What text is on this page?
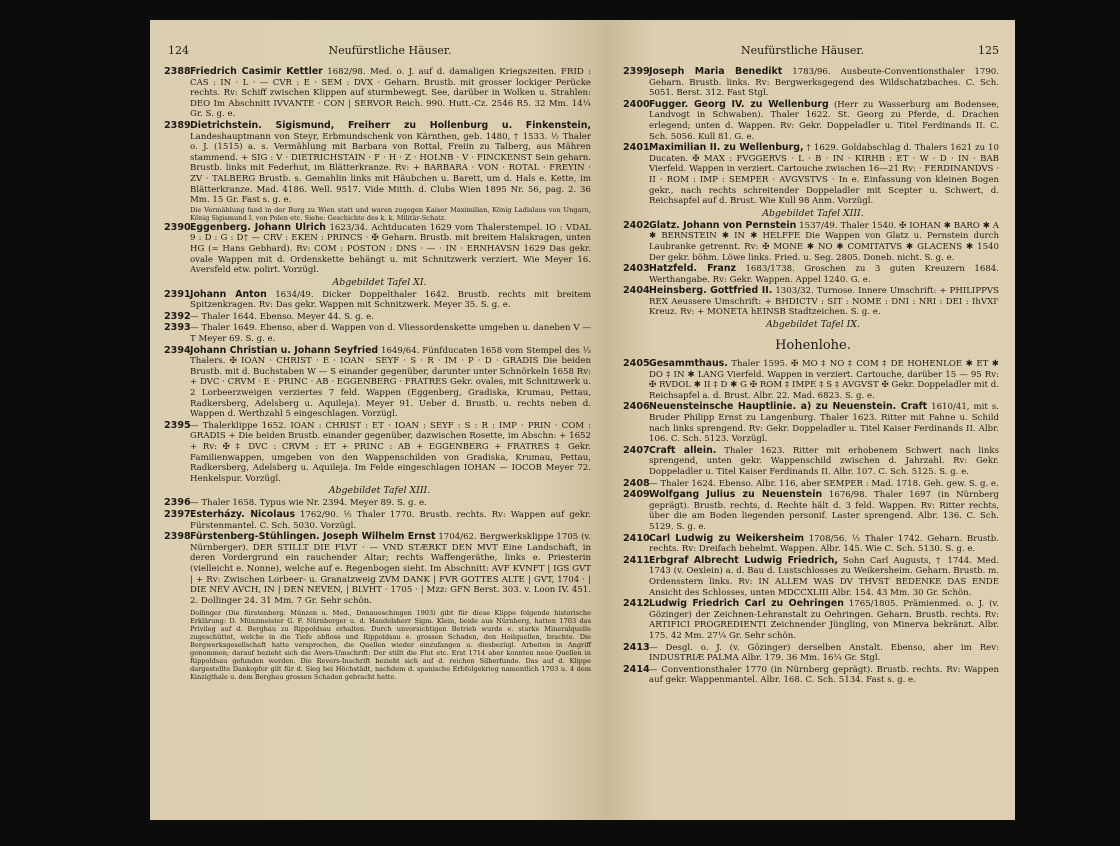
124	Neufürstliche Häuser.
2388 Friedrich Casimir Kettler 1682/98. Med. o. J. auf d. damaligen Kriegszeiten. FRID : CAS : IN · L · — CVR : E · SEM : DVX · Geharn. Brustb. mit grosser lockiger Perücke rechts. Rv: Schiff zwischen Klippen auf sturmbewegt. See, darüber in Wolken u. Strahlen: DEO Im Abschnitt IVVANTE · CON | SERVOR Reich. 990. Hutt.-Cz. 2546 R5. 32 Mm. 14¼ Gr. S. g. e.
2389 Dietrichstein. Sigismund, Freiherr zu Hollenburg u. Finkenstein, Landeshauptmann von Steyr, Erbmundschenk von Kärnthen, geb. 1480, † 1533. ½ Thaler o. J. (1515) a. s. Vermählung mit Barbara von Rottal, Freiin zu Talberg, aus Mähren stammend. + SIG : V · DIETRICHSTAIN · F · H · Z · HOLNB · V · FINCKENST Sein geharn. Brustb. links mit Federhut, im Blätterkranze. Rv: + BARBARA · VON · ROTAL · FREYIN · ZV · TALBERG Brustb. s. Gemahlin links mit Häubchen u. Barett, um d. Hals e. Kette, im Blätterkranze. Mad. 4186. Well. 9517. Vide Mitth. d. Clubs Wien 1895 Nr. 56, pag. 2. 36 Mm. 15 Gr. Fast s. g. e.
Die Vermählung fand in der Burg zu Wien statt und waren zugegen Kaiser Maximilian, König Ladislaus von Ungarn, König Sigismund I. von Polen etc. Siehe: Geschichte des k. k. Militär-Schatz.
2390 Eggenberg. Johann Ulrich 1623/34. Achtducaten 1629 vom Thalerstempel. IO : VDAL 9 : D : G : D† — CRV : EKEN : PRINCS · ✠ Geharn. Brustb. mit breitem Halskragen, unten HG (= Hans Gebhard). Rv: COM : POSTON : DNS · — · IN · ERNHAVSN 1629 Das gekr. ovale Wappen mit d. Ordenskette behängt u. mit Schnitzwerk verziert. Wie Meyer 16. Aversfeld etw. polirt. Vorzügl.
Abgebildet Tafel XI.
2391 Johann Anton 1634/49. Dicker Doppelthaler 1642. Brustb. rechts mit breitem Spitzenkragen. Rv: Das gekr. Wappen mit Schnitzwerk. Meyer 35. S. g. e.
2392 — Thaler 1644. Ebenso. Meyer 44. S. g. e.
2393 — Thaler 1649. Ebenso, aber d. Wappen von d. Vliessordenskette umgeben u. daneben V — T Meyer 69. S. g. e.
2394 Johann Christian u. Johann Seyfried 1649/64. Fünfducaten 1658 vom Stempel des ⅓ Thalers. ✠ IOAN · CHRIST · E · IOAN · SEYF · S · R · IM · P · D · GRADIS Die beiden Brustb. mit d. Buchstaben W — S einander gegenüber, darunter unter Schnörkeln 1658 Rv: + DVC · CRVM · E · PRINC · AB · EGGENBERG · FRATRES Gekr. ovales, mit Schnitzwerk u. 2 Lorbeerzweigen verziertes 7 feld. Wappen (Eggenberg, Gradiska, Krumau, Pettau, Radkersberg, Adelsberg u. Aquileja). Meyer 91. Ueber d. Brustb. u. rechts neben d. Wappen d. Werthzahl 5 eingeschlagen. Vorzügl.
2395 — Thalerklippe 1652. IOAN : CHRIST : ET · IOAN : SEYF : S : R : IMP · PRIN · COM : GRADIS + Die beiden Brustb. einander gegenüber, dazwischen Rosette, im Abschn: + 1652 + Rv: ✠ ‡ DVC : CRVM : ET + PRINC : AB + EGGENBERG + FRATRES ‡ Gekr. Familienwappen, umgeben von den Wappenschilden von Gradiska, Krumau, Pettau, Radkersberg, Adelsberg u. Aquileja. Im Felde eingeschlagen IOHAN — IOCOB Meyer 72. Henkelspur. Vorzügl.
Abgebildet Tafel XIII.
2396 — Thaler 1658. Typus wie Nr. 2394. Meyer 89. S. g. e.
2397 Esterházy. Nicolaus 1762/90. ⅕ Thaler 1770. Brustb. rechts. Rv: Wappen auf gekr. Fürstenmantel. C. Sch. 5030. Vorzügl.
2398 Fürstenberg-Stühlingen. Joseph Wilhelm Ernst 1704/62. Bergwerksklippe 1705 (v. Nürnberger). DER STILLT DIE FLVT · — VND STÆRKT DEN MVT Eine Landschaft, in deren Vordergrund ein rauchender Altar; rechts Waffengeräthe, links e. Priesterin (vielleicht e. Nonne), welche auf e. Regenbogen sieht. Im Abschnitt: AVF KVNFT | IGS GVT | + Rv: Zwischen Lorbeer- u. Granatzweig ZVM DANK | FVR GOTTES ALTE | GVT, 1704 · | DIE NEV AVCH, IN | DEN NEVEN, | BLVHT · 1705 · | Mzz: GFN Berst. 303. v. Loon IV. 451. 2. Dollinger 24. 31 Mm. 7 Gr. Sehr schön.
Dollinger (Die fürstenberg. Münzen u. Med., Donaueschingen 1903) gibt für diese Klippe folgende historische Erklärung: D. Münzmeister G. F. Nürnberger u. d. Handelsherr Sigm. Klein, beide aus Nürnberg, hatten 1703 das Privileg auf d. Berghau zu Rippoldsau erhalten. Durch unvorsichtigen Betrieb wurde e. starke Mineralquelle zugeschüttet, welche in die Tiefe abfloss und Rippoldsau e. grossen Schaden, den Heilquellen, brachte. Die Bergwerksgesellschaft hatte versprochen, die Quellen wieder einzufangen u. diesbezügl. Arbeiten in Angriff genommen; darauf bezieht sich die Avers-Umschrift: Der stillt die Flut etc. Erst 1714 aber konnten neue Quellen in Rippoldsau gefunden werden. Die Revers-Inschrift bezieht sich auf d. reichen Silberfunde. Das auf d. Klippe dargestellte Dankopfer gilt für d. Sieg bei Höchstädt, nachdem d. spanische Erbfolgekrieg namentlich 1703 u. 4 dem Kinzigthale u. dem Berghau grossen Schaden gebracht hatte.
Neufürstliche Häuser.	125
2399 Joseph Maria Benedikt 1783/96. Ausbeute-Conventionsthaler 1790. Geharn. Brustb. links. Rv: Bergwerksgegend des Wildschatzbaches. C. Sch. 5051. Berst. 312. Fast Stgl.
2400 Fugger. Georg IV. zu Wellenburg (Herr zu Wasserburg am Bodensee, Landvogt in Schwaben). Thaler 1622. St. Georg zu Pferde, d. Drachen erlegend; unten d. Wappen. Rv: Gekr. Doppeladler u. Titel Ferdinands II. C. Sch. 5056. Kull 81. G. e.
2401 Maximilian II. zu Wellenburg, † 1629. Goldabschlag d. Thalers 1621 zu 10 Ducaten. ✠ MAX : FVGGERVS · L · B · IN · KIRHB : ET · W · D · IN · BAB Vierfeld. Wappen in verziert. Cartouche zwischen 16—21 Rv: · FERDINANDVS · II · ROM : IMP : SEMPER · AVGVSTVS · In e. Einfassung von kleinen Bogen gekr., nach rechts schreitender Doppeladler mit Scepter u. Schwert, d. Reichsapfel auf d. Brust. Wie Kull 98 Anm. Vorzügl.
Abgebildet Tafel XIII.
2402 Glatz. Johann von Pernstein 1537/49. Thaler 1540. ✠ IOHAN ✱ BARO ✱ A ✱ BERNSTEIN ✱ IN ✱ HELFFE Die Wappen von Glatz u. Pernstein durch Laubranke getrennt. Rv: ✠ MONE ✱ NO ✱ COMITATVS ✱ GLACENS ✱ 1540 Der gekr. böhm. Löwe links. Fried. u. Seg. 2805. Doneb. nicht. S. g. e.
2403 Hatzfeld. Franz 1683/1738. Groschen zu 3 guten Kreuzern 1684. Werthangabe. Rv: Gekr. Wappen. Appel 1240. G. e.
2404 Heinsberg. Gottfried II. 1303/32. Turnose. Innere Umschrift: + PHILIPPVS REX Aeussere Umschrift: + BHDICTV : SIT : NOME : DNI : NRI : DEI : IhVXI' Kreuz. Rv: + MONETA hEINSB Stadtzeichen. S. g. e.
Abgebildet Tafel IX.
Hohenlohe.
2405 Gesammthaus. Thaler 1595. ✠ MO ‡ NO ‡ COM ‡ DE HOHENLOE ✱ ET ✱ DO ‡ IN ✱ LANG Vierfeld. Wappen in verziert. Cartouche, darüber 15 — 95 Rv: ✠ RVDOL ✱ II ‡ D ✱ G ✠ ROM ‡ IMPE ‡ S ‡ AVGVST ✠ Gekr. Doppeladler mit d. Reichsapfel a. d. Brust. Albr. 22. Mad. 6823. S. g. e.
2406 Neuensteinsche Hauptlinie. a) zu Neuenstein. Craft 1610/41, mit s. Bruder Philipp Ernst zu Langenburg. Thaler 1623. Ritter mit Fahne u. Schild nach links sprengend. Rv: Gekr. Doppeladler u. Titel Kaiser Ferdinands II. Albr. 106. C. Sch. 5123. Vorzügl.
2407 Craft allein. Thaler 1623. Ritter mit erhobenem Schwert nach links sprengend, unten gekr. Wappenschild zwischen d. Jahrzahl. Rv: Gekr. Doppeladler u. Titel Kaiser Ferdinands II. Albr. 107. C. Sch. 5125. S. g. e.
2408 — Thaler 1624. Ebenso. Albr. 116, aber SEMPER : Mad. 1718. Geh. gew. S. g. e.
2409 Wolfgang Julius zu Neuenstein 1676/98. Thaler 1697 (in Nürnberg geprägt). Brustb. rechts, d. Rechte hält d. 3 feld. Wappen. Rv: Ritter rechts, über die am Boden liegenden personif. Laster sprengend. Albr. 136. C. Sch. 5129. S. g. e.
2410 Carl Ludwig zu Weikersheim 1708/56. ½ Thaler 1742. Geharn. Brustb. rechts. Rv: Dreifach behelmt. Wappen. Albr. 145. Wie C. Sch. 5130. S. g. e.
2411 Erbgraf Albrecht Ludwig Friedrich, Sohn Carl Augusts, † 1744. Med. 1743 (v. Oexlein) a. d. Bau d. Lustschlosses zu Weikersheim. Geharn. Brustb. m. Ordensstern links. Rv: IN ALLEM WAS DV THVST BEDENKE DAS ENDE Ansicht des Schlosses, unten MDCCXLIII Albr. 154. 43 Mm. 30 Gr. Schön.
2412 Ludwig Friedrich Carl zu Oehringen 1765/1805. Prämienmed. o. J. (v. Gözinger) der Zeichnen-Lehranstalt zu Oehringen. Geharn. Brustb. rechts. Rv: ARTIFICI PROGREDIENTI Zeichnender Jüngling, von Minerva bekränzt. Albr. 175. 42 Mm. 27¼ Gr. Sehr schön.
2413 — Desgl. o. J. (v. Gözinger) derselben Anstalt. Ebenso, aber im Rev: INDUSTRIÆ PALMA Albr. 179. 36 Mm. 16¼ Gr. Stgl.
2414 — Conventionsthaler 1770 (in Nürnberg geprägt). Brustb. rechts. Rv: Wappen auf gekr. Wappenmantel. Albr. 168. C. Sch. 5134. Fast s. g. e.
